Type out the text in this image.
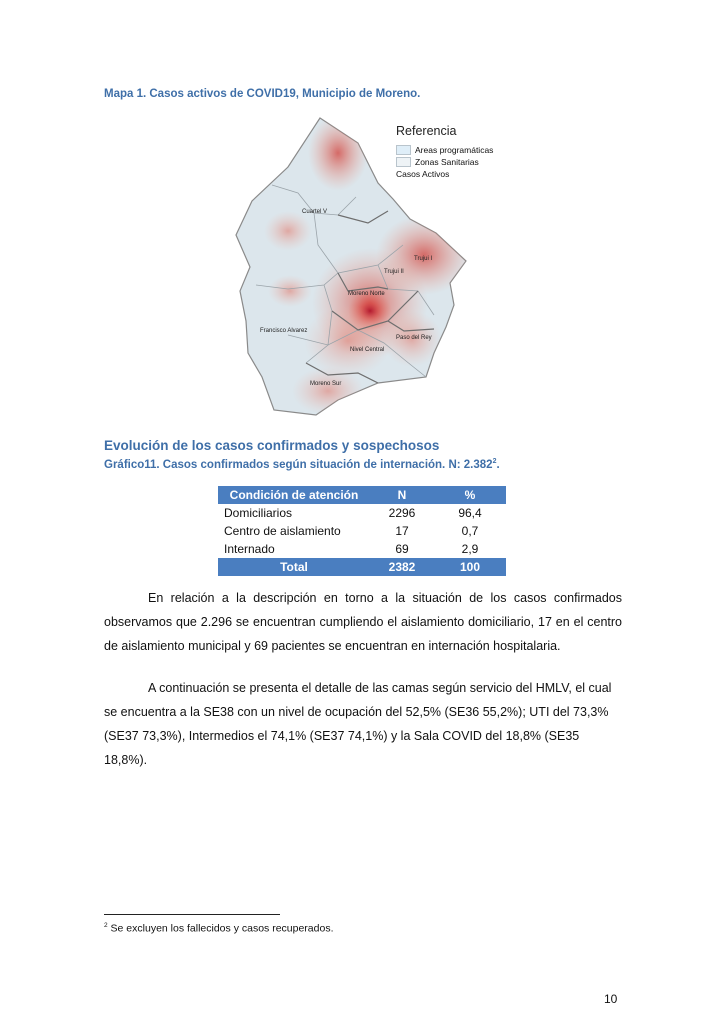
Mapa 1. Casos activos de COVID19, Municipio de Moreno.
Cuartel V
Trujui I
Trujui II
Moreno Norte
Francisco Alvarez
Paso del Rey
Nivel Central
Moreno Sur
Referencia
Areas programáticas
Zonas Sanitarias
Casos Activos
Evolución de los casos confirmados y sospechosos
Gráfico11. Casos confirmados según situación de internación. N: 2.382$^2$.
Condición de atención	N	%
Domiciliarios	2296	96,4
Centro de aislamiento	17	0,7
Internado	69	2,9
Total	2382	100
En relación a la descripción en torno a la situación de los casos confirmados observamos que 2.296 se encuentran cumpliendo el aislamiento domiciliario, 17 en el centro de aislamiento municipal y 69 pacientes se encuentran en internación hospitalaria.
A continuación se presenta el detalle de las camas según servicio del HMLV, el cual se encuentra a la SE38 con un nivel de ocupación del 52,5% (SE36 55,2%); UTI del 73,3% (SE37 73,3%), Intermedios el 74,1% (SE37 74,1%) y la Sala COVID del 18,8% (SE35 18,8%).
$^2$ Se excluyen los fallecidos y casos recuperados.
10
